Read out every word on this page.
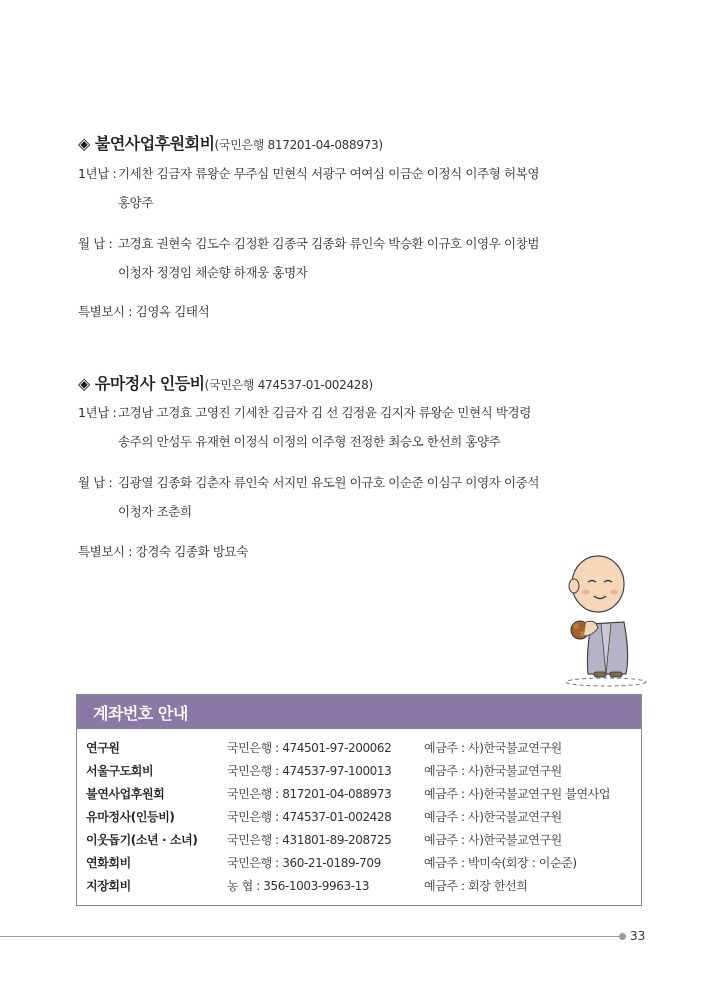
◈ 불연사업후원회비(국민은행 817201-04-088973)
1년납 : 기세찬 김금자 류왕순 무주심 민현식 서광구 여여심 이금순 이정식 이주형 허복영
홍양주
월 납 : 고경효 권현숙 김도수 김정환 김종국 김종화 류인숙 박승환 이규호 이영우 이창범
이청자 정경임 채순향 하재웅 홍명자
특별보시 : 김영옥 김태석
◈ 유마정사 인등비(국민은행 474537-01-002428)
1년납 : 고경남 고경효 고영진 기세찬 김금자 김 선 김정윤 김지자 류왕순 민현식 박경령
송주의 안성두 유재현 이정식 이정의 이주형 전정한 최승오 한선희 홍양주
월 납 : 김광열 김종화 김춘자 류인숙 서지민 유도원 이규호 이순준 이심구 이영자 이중석
이청자 조춘희
특별보시 : 강경숙 김종화 방묘숙
계좌번호 안내
연구원	국민은행 : 474501-97-200062	예금주 : 사)한국불교연구원
서울구도회비	국민은행 : 474537-97-100013	예금주 : 사)한국불교연구원
불연사업후원회	국민은행 : 817201-04-088973	예금주 : 사)한국불교연구원 불연사업
유마정사(인등비)	국민은행 : 474537-01-002428	예금주 : 사)한국불교연구원
이웃돕기(소년 · 소녀) 국민은행 : 431801-89-208725	예금주 : 사)한국불교연구원
연화회비	국민은행 : 360-21-0189-709	예금주 : 박미숙(회장 : 이순준)
지장회비	농 협 : 356-1003-9963-13	예금주 : 회장 한선희
33
